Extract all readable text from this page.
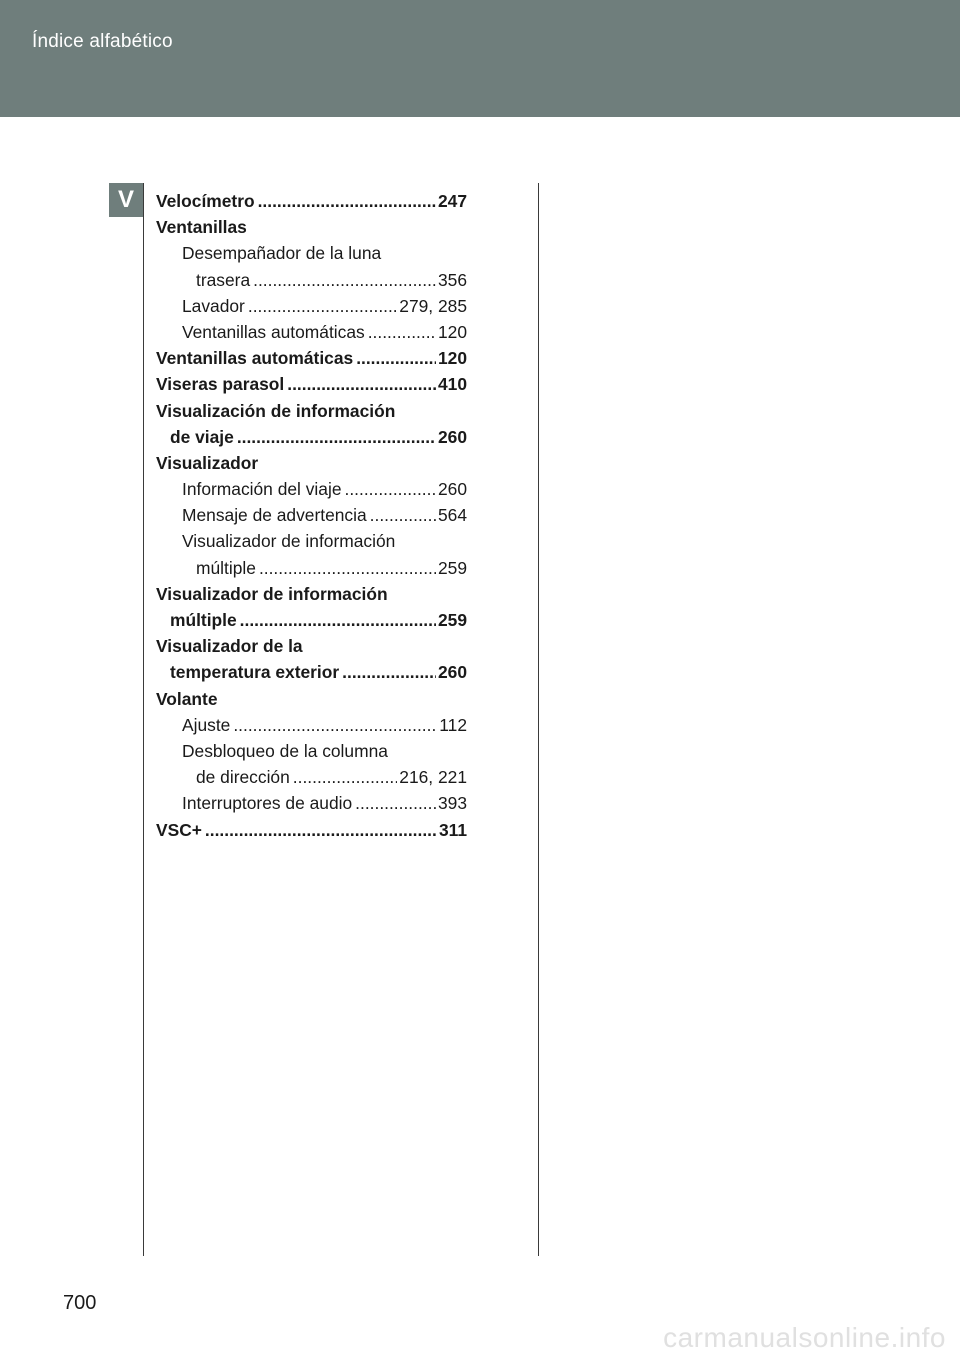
Índice alfabético
V	Velocímetro .....	247
Ventanillas
Desempañador de la luna
trasera .....	356
Lavador .....	279, 285
Ventanillas automáticas .....	120
Ventanillas automáticas .....	120
Viseras parasol .....	410
Visualización de información
de viaje .....	260
Visualizador
Información del viaje .....	260
Mensaje de advertencia .....	564
Visualizador de información
múltiple .....	259
Visualizador de información
múltiple .....	259
Visualizador de la
temperatura exterior .....	260
Volante
Ajuste .....	112
Desbloqueo de la columna
de dirección .....	216, 221
Interruptores de audio .....	393
VSC+ .....	311
700
carmanualsonline.info
